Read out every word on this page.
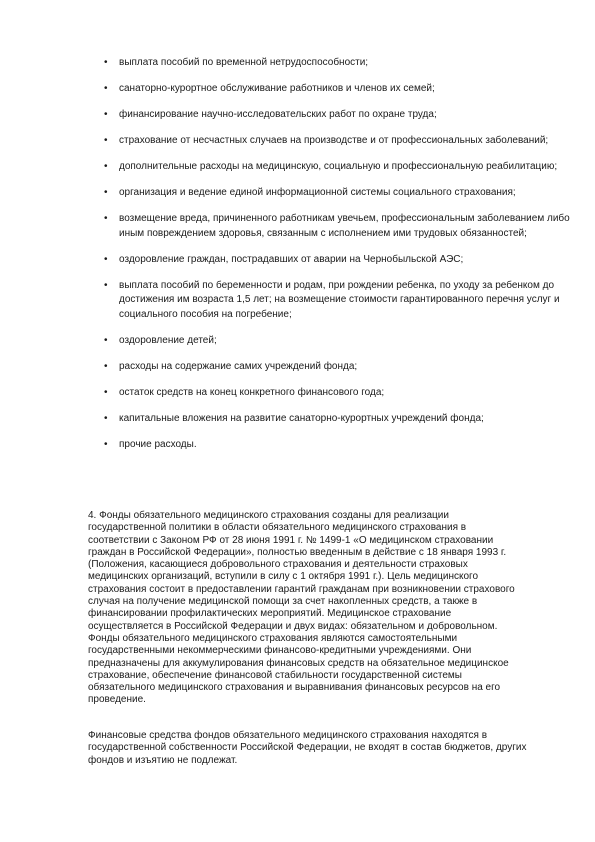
• выплата пособий по временной нетрудоспособности;
• санаторно-курортное обслуживание работников и членов их семей;
• финансирование научно-исследовательских работ по охране труда;
• страхование от несчастных случаев на производстве и от профессиональных заболеваний;
• дополнительные расходы на медицинскую, социальную и профессиональную реабилитацию;
• организация и ведение единой информационной системы социального страхования;
• возмещение вреда, причиненного работникам увечьем, профессиональным заболеванием либо иным повреждением здоровья, связанным с исполнением ими трудовых обязанностей;
• оздоровление граждан, пострадавших от аварии на Чернобыльской АЭС;
• выплата пособий по беременности и родам, при рождении ребенка, по уходу за ребенком до достижения им возраста 1,5 лет; на возмещение стоимости гарантированного перечня услуг и социального пособия на погребение;
• оздоровление детей;
• расходы на содержание самих учреждений фонда;
• остаток средств на конец конкретного финансового года;
• капитальные вложения на развитие санаторно-курортных учреждений фонда;
• прочие расходы.

4. Фонды обязательного медицинского страхования созданы для реализации государственной политики в области обязательного медицинского страхования в соответствии с Законом РФ от 28 июня 1991 г. № 1499-1 «О медицинском страховании граждан в Российской Федерации», полностью введенным в действие с 18 января 1993 г. (Положения, касающиеся добровольного страхования и деятельности страховых медицинских организаций, вступили в силу с 1 октября 1991 г.). Цель медицинского страхования состоит в предоставлении гарантий гражданам при возникновении страхового случая на получение медицинской помощи за счет накопленных средств, а также в финансировании профилактических мероприятий. Медицинское страхование осуществляется в Российской Федерации и двух видах: обязательном и добровольном. Фонды обязательного медицинского страхования являются самостоятельными государственными некоммерческими финансово-кредитными учреждениями. Они предназначены для аккумулирования финансовых средств на обязательное медицинское страхование, обеспечение финансовой стабильности государственной системы обязательного медицинского страхования и выравнивания финансовых ресурсов на его проведение.

Финансовые средства фондов обязательного медицинского страхования находятся в государственной собственности Российской Федерации, не входят в состав бюджетов, других фондов и изъятию не подлежат.
